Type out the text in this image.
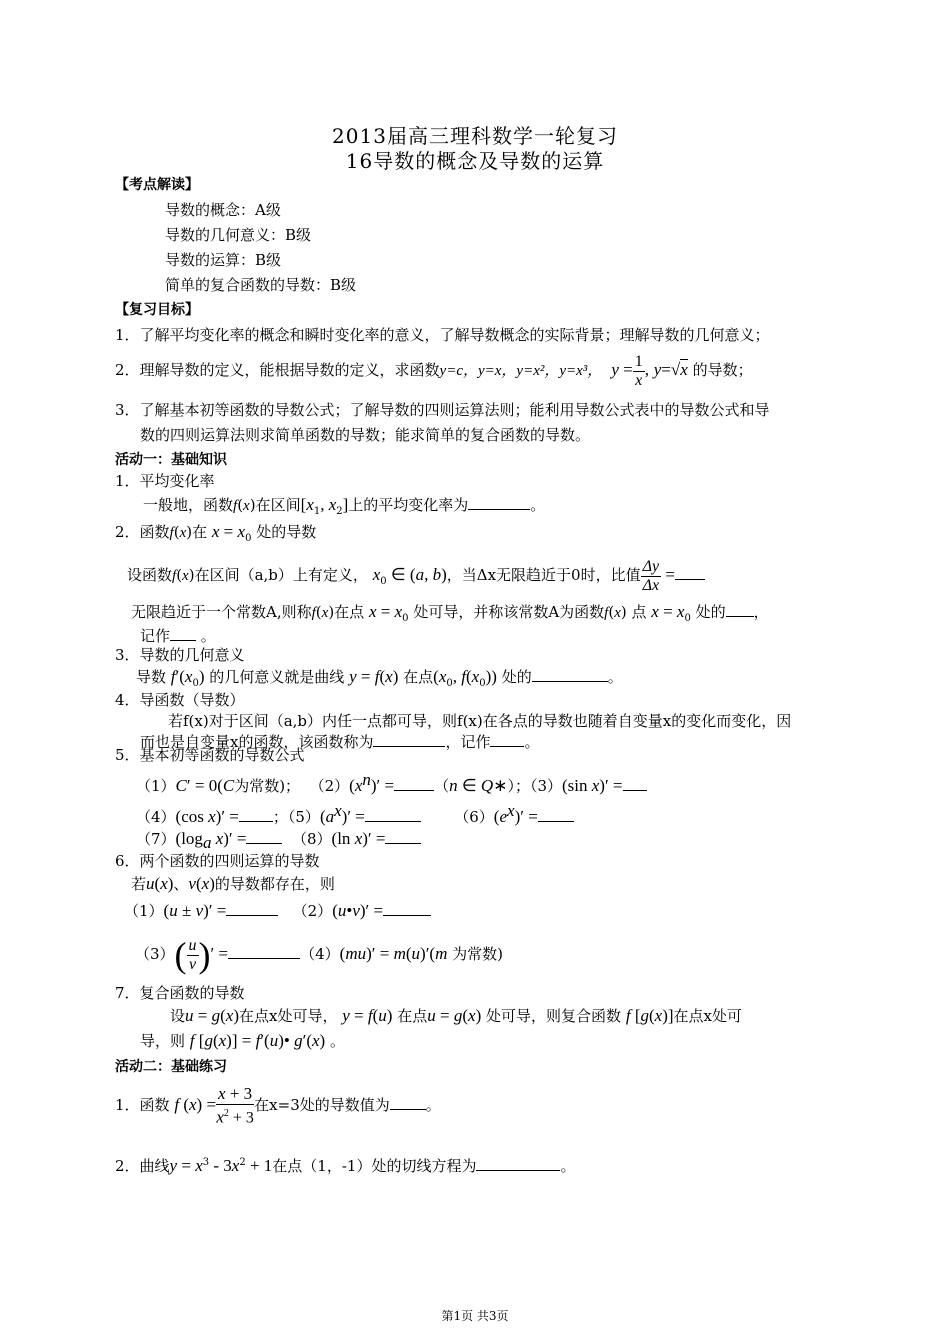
2013届高三理科数学一轮复习
16导数的概念及导数的运算
【考点解读】
导数的概念：A级
导数的几何意义：B级
导数的运算：B级
简单的复合函数的导数：B级
【复习目标】
1．了解平均变化率的概念和瞬时变化率的意义，了解导数概念的实际背景；理解导数的几何意义；
2．理解导数的定义，能根据导数的定义，求函数y=c，y=x，y=x²，y=x³，  $y = \frac{1}{x}$ , y=√x 的导数；
3．了解基本初等函数的导数公式；了解导数的四则运算法则；能利用导数公式表中的导数公式和导
数的四则运算法则求简单函数的导数；能求简单的复合函数的导数。
活动一：基础知识
1．平均变化率
一般地，函数f(x)在区间[$x_1$, $x_2$]上的平均变化率为	。
2．函数f(x)在 $x = x_0$ 处的导数
设函数f(x)在区间（a,b）上有定义， $x_0$ ∈ (a, b)，当Δx无限趋近于0时，比值 $\frac{\Delta y}{\Delta x}$ =
无限趋近于一个常数A,则称f(x)在点 $x = x_0$ 处可导，并称该常数A为函数f(x) 点 $x = x_0$ 处的 ，
记作 。
3．导数的几何意义
导数 $f'(x_0)$ 的几何意义就是曲线 y = f(x) 在点($x_0$, $f(x_0)$) 处的	。
4．导函数（导数）
若f(x)对于区间（a,b）内任一点都可导，则f(x)在各点的导数也随着自变量x的变化而变化，因
而也是自变量x的函数，该函数称为	，记作 。
5．基本初等函数的导数公式
（1）C′ = 0(C为常数)；  $(2)(x^n)'$ =	（n ∈ Q∗）；（3）(sin x)′ =
（4）(cos x)′ = ；$(5)(a^x)'$ =	$(6)(e^x)'$ =
$(7)(\log_a$ x)′ =  （8）(ln x)′ =
6．两个函数的四则运算的导数
若u(x)、v(x)的导数都存在，则
（1）(u ± v)′ =	（2）(u•v)′ =
$(3)( \frac{u}{v} )'$ =	（4）(mu)′ = m(u)′(m 为常数)
7．复合函数的导数
设u = g(x)在点x处可导， y = f(u) 在点u = g(x) 处可导，则复合函数 f [g(x)]在点x处可
导，则 f [g(x)] = f′(u)• g′(x) 。
活动二：基础练习
1．函数 f $(x) = \frac{x + 3}{x^2 + 3}$ 在x=3处的导数值为 。
2．曲线$y = x^3 - 3x^2 + 1$在点（1，-1）处的切线方程为	。
第1页 共3页
